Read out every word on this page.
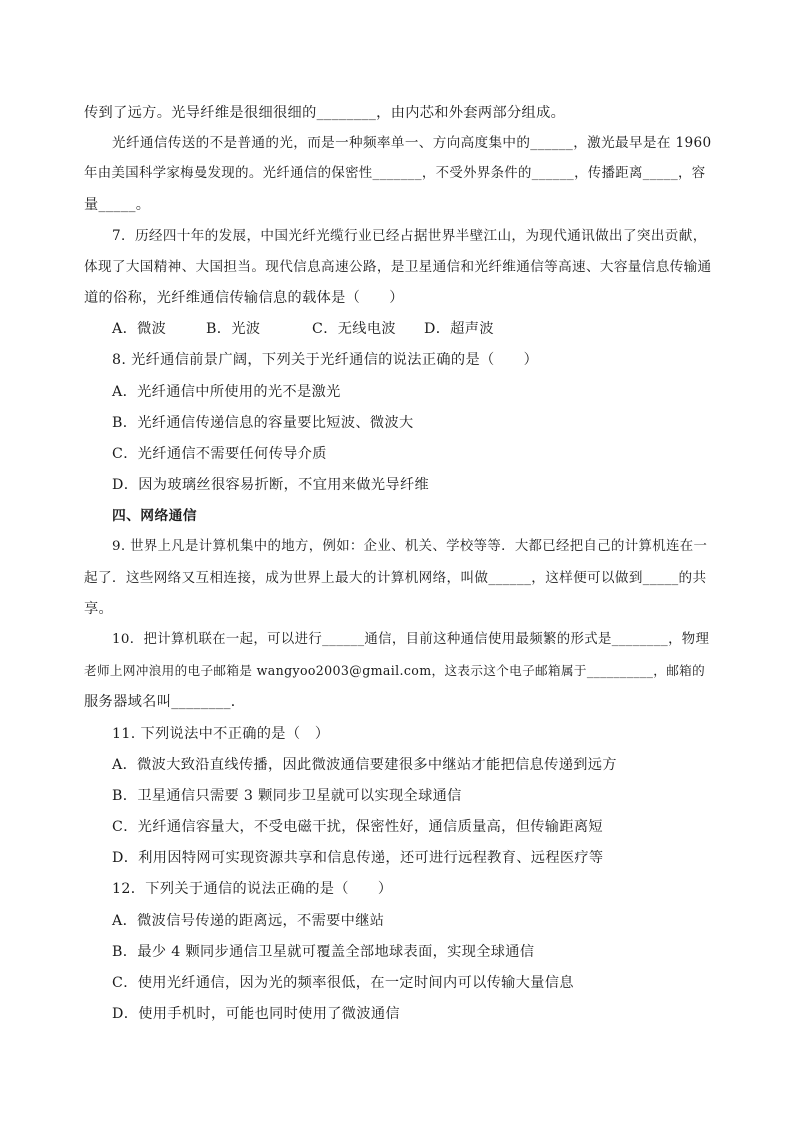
传到了远方。光导纤维是很细很细的________，由内芯和外套两部分组成。
光纤通信传送的不是普通的光，而是一种频率单一、方向高度集中的______，激光最早是在 1960
年由美国科学家梅曼发现的。光纤通信的保密性_______，不受外界条件的______，传播距离_____，容
量_____。
7．历经四十年的发展，中国光纤光缆行业已经占据世界半壁江山，为现代通讯做出了突出贡献，
体现了大国精神、大国担当。现代信息高速公路，是卫星通信和光纤维通信等高速、大容量信息传输通
道的俗称，光纤维通信传输信息的载体是（　　）
A．微波	B．光波	C．无线电波 D．超声波
8. 光纤通信前景广阔，下列关于光纤通信的说法正确的是（　　）
A．光纤通信中所使用的光不是激光
B．光纤通信传递信息的容量要比短波、微波大
C．光纤通信不需要任何传导介质
D．因为玻璃丝很容易折断，不宜用来做光导纤维
四、网络通信
9. 世界上凡是计算机集中的地方，例如：企业、机关、学校等等．大都已经把自己的计算机连在一
起了．这些网络又互相连接，成为世界上最大的计算机网络，叫做______，这样便可以做到_____的共
享。
10．把计算机联在一起，可以进行______通信，目前这种通信使用最频繁的形式是________，物理
老师上网冲浪用的电子邮箱是 wangyoo2003@gmail.com，这表示这个电子邮箱属于__________，邮箱的
服务器域名叫________．
11. 下列说法中不正确的是（　）
A．微波大致沿直线传播，因此微波通信要建很多中继站才能把信息传递到远方
B．卫星通信只需要 3 颗同步卫星就可以实现全球通信
C．光纤通信容量大，不受电磁干扰，保密性好，通信质量高，但传输距离短
D．利用因特网可实现资源共享和信息传递，还可进行远程教育、远程医疗等
12．下列关于通信的说法正确的是（　　）
A．微波信号传递的距离远，不需要中继站
B．最少 4 颗同步通信卫星就可覆盖全部地球表面，实现全球通信
C．使用光纤通信，因为光的频率很低，在一定时间内可以传输大量信息
D．使用手机时，可能也同时使用了微波通信
